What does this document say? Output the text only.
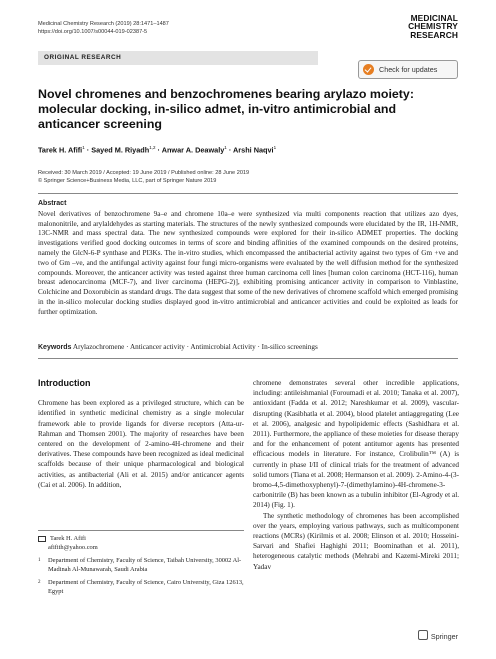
Medicinal Chemistry Research (2019) 28:1471–1487
https://doi.org/10.1007/s00044-019-02387-5
MEDICINAL
CHEMISTRY
RESEARCH
ORIGINAL RESEARCH
Check for updates
Novel chromenes and benzochromenes bearing arylazo moiety: molecular docking, in-silico admet, in-vitro antimicrobial and anticancer screening
Tarek H. Afifi$^1$ · Sayed M. Riyadh$^{1,2}$ · Anwar A. Deawaly$^1$ · Arshi Naqvi$^1$
Received: 30 March 2019 / Accepted: 19 June 2019 / Published online: 28 June 2019
© Springer Science+Business Media, LLC, part of Springer Nature 2019
Abstract

Novel derivatives of benzochromene 9a–e and chromene 10a–e were synthesized via multi components reaction that utilizes azo dyes, malononitrile, and arylaldehydes as starting materials. The structures of the newly synthesized compounds were elucidated by the IR, 1H-NMR, 13C-NMR and mass spectral data. The new synthesized compounds were explored for their in-silico ADMET properties. The docking investigations verified good docking outcomes in terms of score and binding affinities of the examined compounds on the desired proteins, namely the GlcN-6-P synthase and PI3Ks. The in-vitro studies, which encompassed the antibacterial activity against two types of Gm +ve and two of Gm –ve, and the antifungal activity against four fungi micro-organisms were evaluated by the well diffusion method for the synthesized compounds. Moreover, the anticancer activity was tested against three human carcinoma cell lines [human colon carcinoma (HCT-116), human breast adenocarcinoma (MCF-7), and liver carcinoma (HEPG-2)], exhibiting promising anticancer activity in comparison to Vinblastine, Colchicine and Doxorubicin as standard drugs. The data suggest that some of the new derivatives of chromene scaffold which emerged promising in the in-silico molecular docking studies displayed good in-vitro antimicrobial and anticancer activities and could be exploited as leads for further optimization.

Keywords Arylazochromene · Anticancer activity · Antimicrobial Activity · In-silico screenings
Introduction

Chromene has been explored as a privileged structure, which can be identified in synthetic medicinal chemistry as a single molecular framework able to provide ligands for diverse receptors (Atta-ur-Rahman and Thomsen 2001). The majority of researches have been centered on the development of 2-amino-4H-chromene and their derivatives. These compounds have been recognized as ideal medicinal scaffolds because of their unique pharmacological and biological activities, as antibacterial (Ali et al. 2015) and/or anticancer agents (Cai et al. 2006). In addition,

chromene demonstrates several other incredible applications, including: antileishmanial (Foroumadi et al. 2010; Tanaka et al. 2007), antioxidant (Fadda et al. 2012; Nareshkumar et al. 2009), vascular-disrupting (Kasibhatla et al. 2004), blood platelet antiaggregating (Lee et al. 2006), analgesic and hypolipidemic effects (Sashidhara et al. 2011). Furthermore, the appliance of these moieties for disease therapy and for the enhancement of potent antitumor agents has presented efficacious models in literature. For instance, Crolibulin™ (A) is currently in phase I/II of clinical trials for the treatment of advanced solid tumors (Tiana et al. 2008; Hermanson et al. 2009). 2-Amino-4-(3-bromo-4,5-dimethoxyphenyl)-7-(dimethylamino)-4H-chromene-3-carbonitrile (B) has been known as a tubulin inhibitor (El-Agrody et al. 2014) (Fig. 1).

The synthetic methodology of chromenes has been accomplished over the years, employing various pathways, such as multicomponent reactions (MCRs) (Kirilmis et al. 2008; Elinson et al. 2010; Hosseini-Sarvari and Shafiei Haghighi 2011; Boominathan et al. 2011), heterogeneous catalytic methods (Mehrabi and Kazemi-Mireki 2011; Yadav

Tarek H. Afifi
afifith@yahoo.com
1	Department of Chemistry, Faculty of Science, Taibah University, 30002 Al-Madinah Al-Munawarah, Saudi Arabia
2	Department of Chemistry, Faculty of Science, Cairo University, Giza 12613, Egypt
Springer
